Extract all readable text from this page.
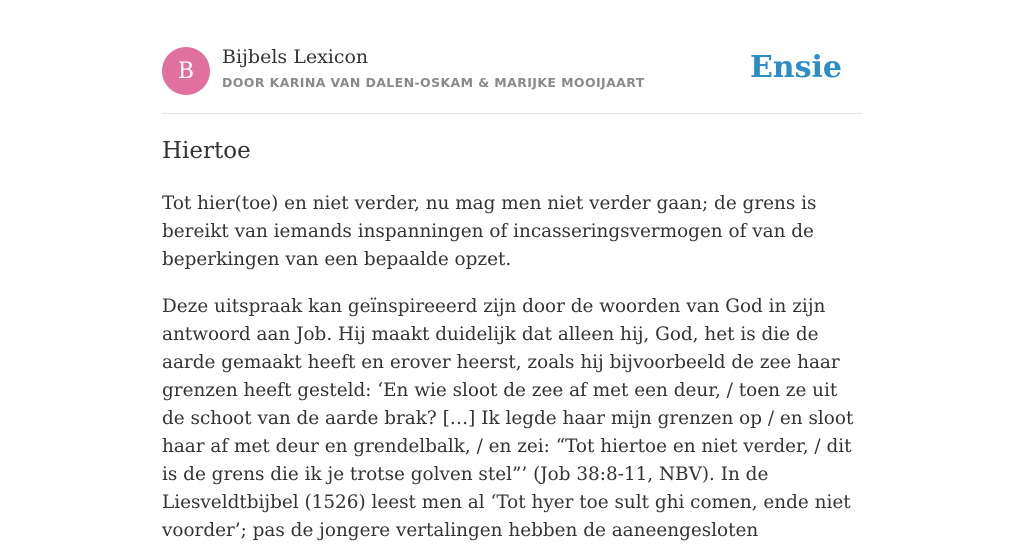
B
Bijbels Lexicon
DOOR KARINA VAN DALEN-OSKAM & MARIJKE MOOIJAART	Ensie
Hiertoe

Tot hier(toe) en niet verder, nu mag men niet verder gaan; de grens is bereikt van iemands inspanningen of incasseringsvermogen of van de beperkingen van een bepaalde opzet.

Deze uitspraak kan geïnspireeerd zijn door de woorden van God in zijn antwoord aan Job. Hij maakt duidelijk dat alleen hij, God, het is die de aarde gemaakt heeft en erover heerst, zoals hij bijvoorbeeld de zee haar grenzen heeft gesteld: ‘En wie sloot de zee af met een deur, / toen ze uit de schoot van de aarde brak? […] Ik legde haar mijn grenzen op / en sloot haar af met deur en grendelbalk, / en zei: “Tot hiertoe en niet verder, / dit is de grens die ik je trotse golven stel”’ (Job 38:8-11, NBV). In de Liesveldtbijbel (1526) leest men al ‘Tot hyer toe sult ghi comen, ende niet voorder’; pas de jongere vertalingen hebben de aaneengesloten
